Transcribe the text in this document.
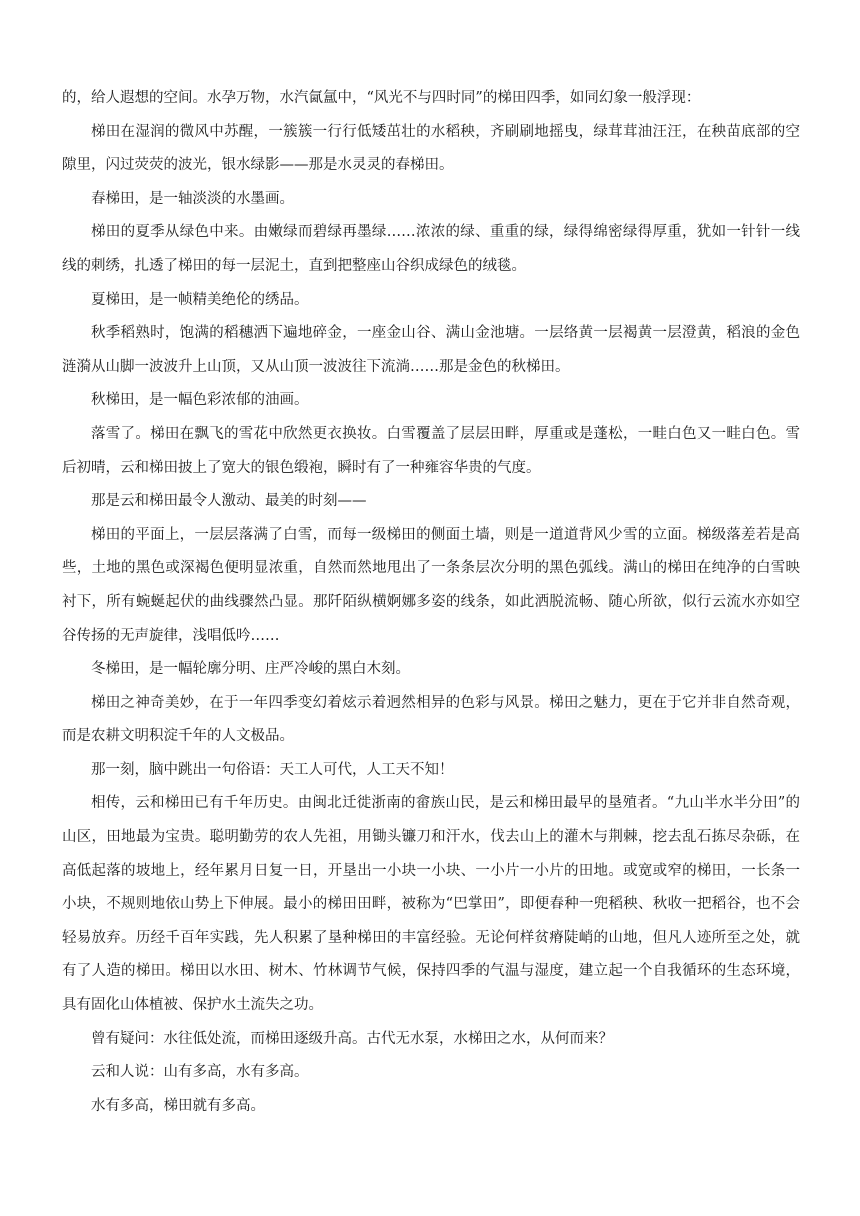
的，给人遐想的空间。水孕万物，水汽氤氲中，“风光不与四时同”的梯田四季，如同幻象一般浮现：

梯田在湿润的微风中苏醒，一簇簇一行行低矮茁壮的水稻秧，齐刷刷地摇曳，绿茸茸油汪汪，在秧苗底部的空隙里，闪过荧荧的波光，银水绿影——那是水灵灵的春梯田。

春梯田，是一轴淡淡的水墨画。

梯田的夏季从绿色中来。由嫩绿而碧绿再墨绿……浓浓的绿、重重的绿，绿得绵密绿得厚重，犹如一针针一线线的刺绣，扎透了梯田的每一层泥土，直到把整座山谷织成绿色的绒毯。

夏梯田，是一帧精美绝伦的绣品。

秋季稻熟时，饱满的稻穗洒下遍地碎金，一座金山谷、满山金池塘。一层络黄一层褐黄一层澄黄，稻浪的金色涟漪从山脚一波波升上山顶，又从山顶一波波往下流淌……那是金色的秋梯田。

秋梯田，是一幅色彩浓郁的油画。

落雪了。梯田在飘飞的雪花中欣然更衣换妆。白雪覆盖了层层田畔，厚重或是蓬松，一畦白色又一畦白色。雪后初晴，云和梯田披上了宽大的银色缎袍，瞬时有了一种雍容华贵的气度。

那是云和梯田最令人激动、最美的时刻——

梯田的平面上，一层层落满了白雪，而每一级梯田的侧面土墙，则是一道道背风少雪的立面。梯级落差若是高些，土地的黑色或深褐色便明显浓重，自然而然地甩出了一条条层次分明的黑色弧线。满山的梯田在纯净的白雪映衬下，所有蜿蜒起伏的曲线骤然凸显。那阡陌纵横婀娜多姿的线条，如此洒脱流畅、随心所欲，似行云流水亦如空谷传扬的无声旋律，浅唱低吟……

冬梯田，是一幅轮廓分明、庄严冷峻的黑白木刻。

梯田之神奇美妙，在于一年四季变幻着炫示着迥然相异的色彩与风景。梯田之魅力，更在于它并非自然奇观，而是农耕文明积淀千年的人文极品。

那一刻，脑中跳出一句俗语：天工人可代，人工天不知！

相传，云和梯田已有千年历史。由闽北迁徙浙南的畲族山民，是云和梯田最早的垦殖者。“九山半水半分田”的山区，田地最为宝贵。聪明勤劳的农人先祖，用锄头镰刀和汗水，伐去山上的灌木与荆棘，挖去乱石拣尽杂砾，在高低起落的坡地上，经年累月日复一日，开垦出一小块一小块、一小片一小片的田地。或宽或窄的梯田，一长条一小块，不规则地依山势上下伸展。最小的梯田田畔，被称为“巴掌田”，即便春种一兜稻秧、秋收一把稻谷，也不会轻易放弃。历经千百年实践，先人积累了垦种梯田的丰富经验。无论何样贫瘠陡峭的山地，但凡人迹所至之处，就有了人造的梯田。梯田以水田、树木、竹林调节气候，保持四季的气温与湿度，建立起一个自我循环的生态环境，具有固化山体植被、保护水土流失之功。

曾有疑问：水往低处流，而梯田逐级升高。古代无水泵，水梯田之水，从何而来？

云和人说：山有多高，水有多高。

水有多高，梯田就有多高。
